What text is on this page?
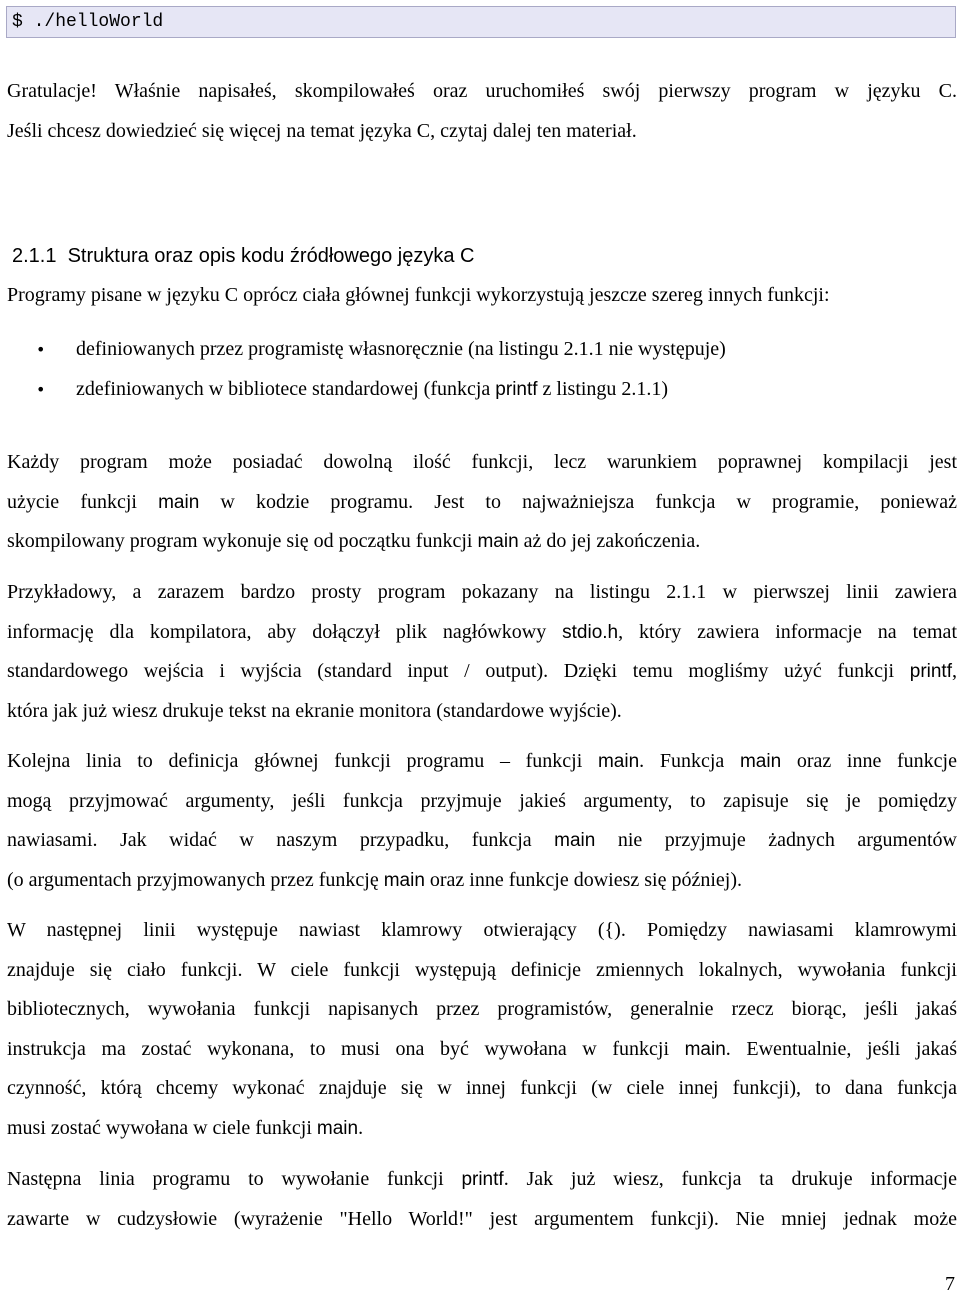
$ ./helloWorld

Gratulacje! Właśnie napisałeś, skompilowałeś oraz uruchomiłeś swój pierwszy program w języku C.
Jeśli chcesz dowiedzieć się więcej na temat języka C, czytaj dalej ten materiał.

2.1.1  Struktura oraz opis kodu źródłowego języka C

Programy pisane w języku C oprócz ciała głównej funkcji wykorzystują jeszcze szereg innych funkcji:

• definiowanych przez programistę własnoręcznie (na listingu 2.1.1 nie występuje)
• zdefiniowanych w bibliotece standardowej (funkcja printf z listingu 2.1.1)

Każdy program może posiadać dowolną ilość funkcji, lecz warunkiem poprawnej kompilacji jest
użycie funkcji main w kodzie programu. Jest to najważniejsza funkcja w programie, ponieważ
skompilowany program wykonuje się od początku funkcji main aż do jej zakończenia.

Przykładowy, a zarazem bardzo prosty program pokazany na listingu 2.1.1 w pierwszej linii zawiera
informację dla kompilatora, aby dołączył plik nagłówkowy stdio.h, który zawiera informacje na temat
standardowego wejścia i wyjścia (standard input / output). Dzięki temu mogliśmy użyć funkcji printf,
która jak już wiesz drukuje tekst na ekranie monitora (standardowe wyjście).

Kolejna linia to definicja głównej funkcji programu – funkcji main. Funkcja main oraz inne funkcje
mogą przyjmować argumenty, jeśli funkcja przyjmuje jakieś argumenty, to zapisuje się je pomiędzy
nawiasami. Jak widać w naszym przypadku, funkcja main nie przyjmuje żadnych argumentów
(o argumentach przyjmowanych przez funkcję main oraz inne funkcje dowiesz się później).

W następnej linii występuje nawiast klamrowy otwierający ({). Pomiędzy nawiasami klamrowymi
znajduje się ciało funkcji. W ciele funkcji występują definicje zmiennych lokalnych, wywołania funkcji
bibliotecznych, wywołania funkcji napisanych przez programistów, generalnie rzecz biorąc, jeśli jakaś
instrukcja ma zostać wykonana, to musi ona być wywołana w funkcji main. Ewentualnie, jeśli jakaś
czynność, którą chcemy wykonać znajduje się w innej funkcji (w ciele innej funkcji), to dana funkcja
musi zostać wywołana w ciele funkcji main.

Następna linia programu to wywołanie funkcji printf. Jak już wiesz, funkcja ta drukuje informacje
zawarte w cudzysłowie (wyrażenie "Hello World!" jest argumentem funkcji). Nie mniej jednak może

7
